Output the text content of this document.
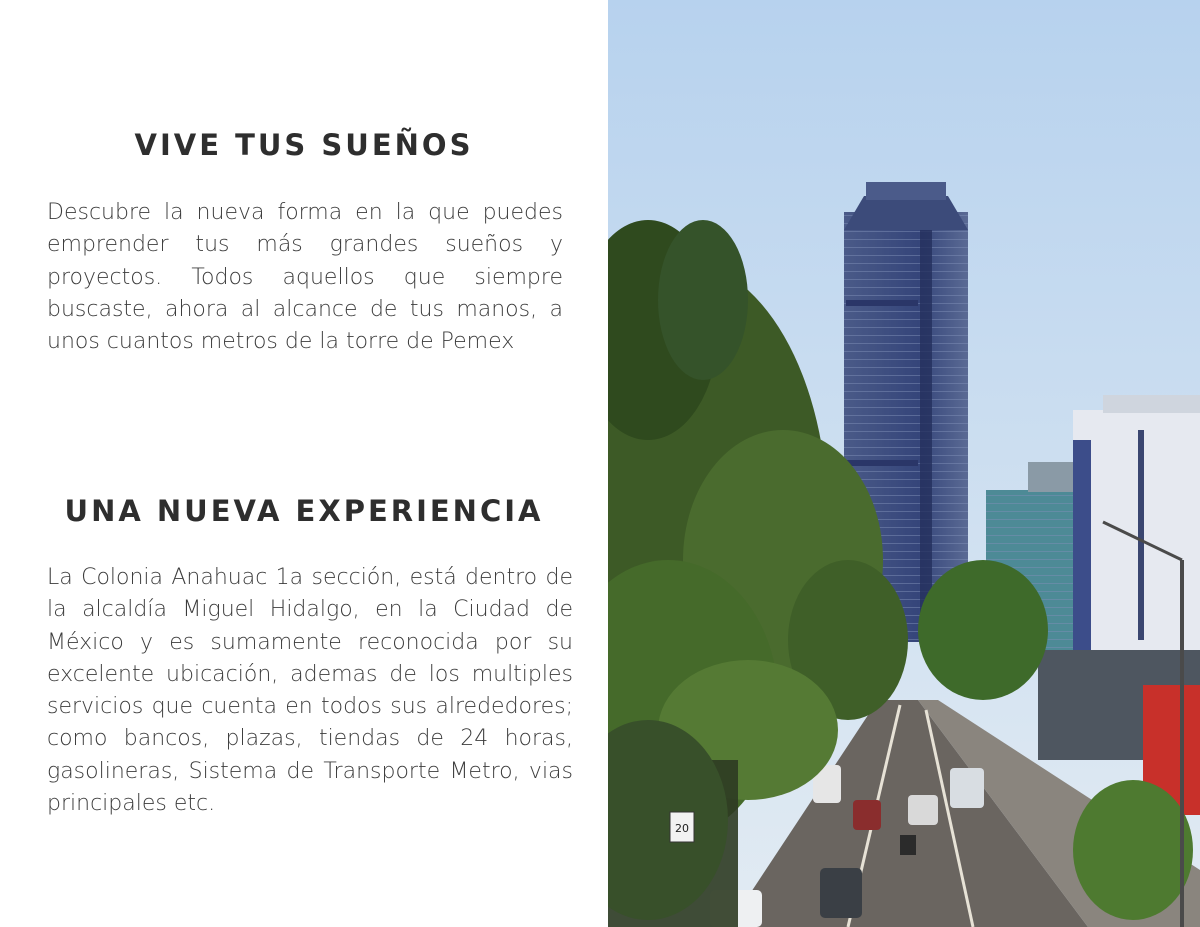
VIVE TUS SUEÑOS

Descubre la nueva forma en la que puedes emprender tus más grandes sueños y proyectos. Todos aquellos que siempre buscaste, ahora al alcance de tus manos, a unos cuantos metros de la torre de Pemex

UNA NUEVA EXPERIENCIA

La Colonia Anahuac 1a sección, está dentro de la alcaldía Miguel Hidalgo, en la Ciudad de México y es sumamente reconocida por su excelente ubicación, ademas de los multiples servicios que cuenta en todos sus alrededores; como bancos, plazas, tiendas de 24 horas, gasolineras, Sistema de Transporte Metro, vias principales etc.

20
